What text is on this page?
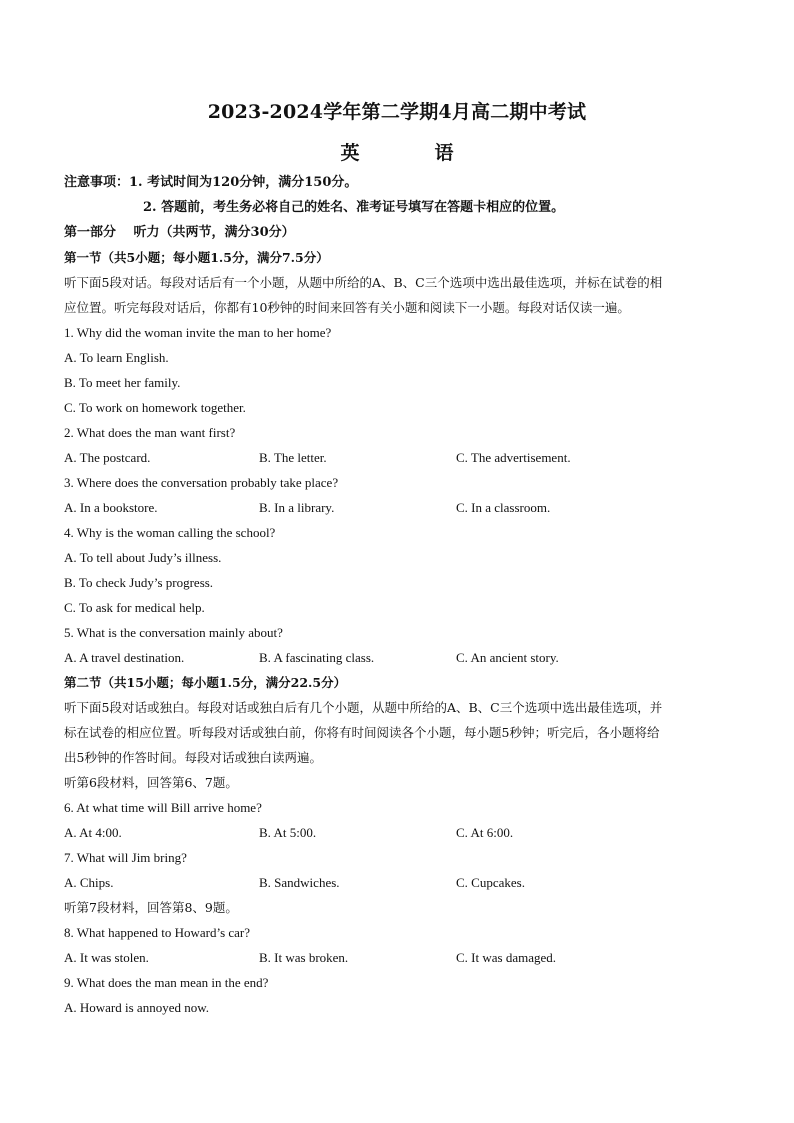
2023-2024学年第二学期4月高二期中考试
英　语
注意事项：1. 考试时间为120分钟，满分150分。
2. 答题前，考生务必将自己的姓名、准考证号填写在答题卡相应的位置。
第一部分　 听力（共两节，满分30分）
第一节（共5小题；每小题1.5分，满分7.5分）
听下面5段对话。每段对话后有一个小题，从题中所给的A、B、C三个选项中选出最佳选项，并标在试卷的相
应位置。听完每段对话后，你都有10秒钟的时间来回答有关小题和阅读下一小题。每段对话仅读一遍。
1. Why did the woman invite the man to her home?
A. To learn English.
B. To meet her family.
C. To work on homework together.
2. What does the man want first?
A. The postcard.	B. The letter.	C. The advertisement.
3. Where does the conversation probably take place?
A. In a bookstore.	B. In a library.	C. In a classroom.
4. Why is the woman calling the school?
A. To tell about Judy’s illness.
B. To check Judy’s progress.
C. To ask for medical help.
5. What is the conversation mainly about?
A. A travel destination.	B. A fascinating class.	C. An ancient story.
第二节（共15小题；每小题1.5分，满分22.5分）
听下面5段对话或独白。每段对话或独白后有几个小题，从题中所给的A、B、C三个选项中选出最佳选项，并
标在试卷的相应位置。听每段对话或独白前，你将有时间阅读各个小题，每小题5秒钟；听完后，各小题将给
出5秒钟的作答时间。每段对话或独白读两遍。
听第6段材料，回答第6、7题。
6. At what time will Bill arrive home?
A. At 4:00.	B. At 5:00.	C. At 6:00.
7. What will Jim bring?
A. Chips.	B. Sandwiches.	C. Cupcakes.
听第7段材料，回答第8、9题。
8. What happened to Howard’s car?
A. It was stolen.	B. It was broken.	C. It was damaged.
9. What does the man mean in the end?
A. Howard is annoyed now.
